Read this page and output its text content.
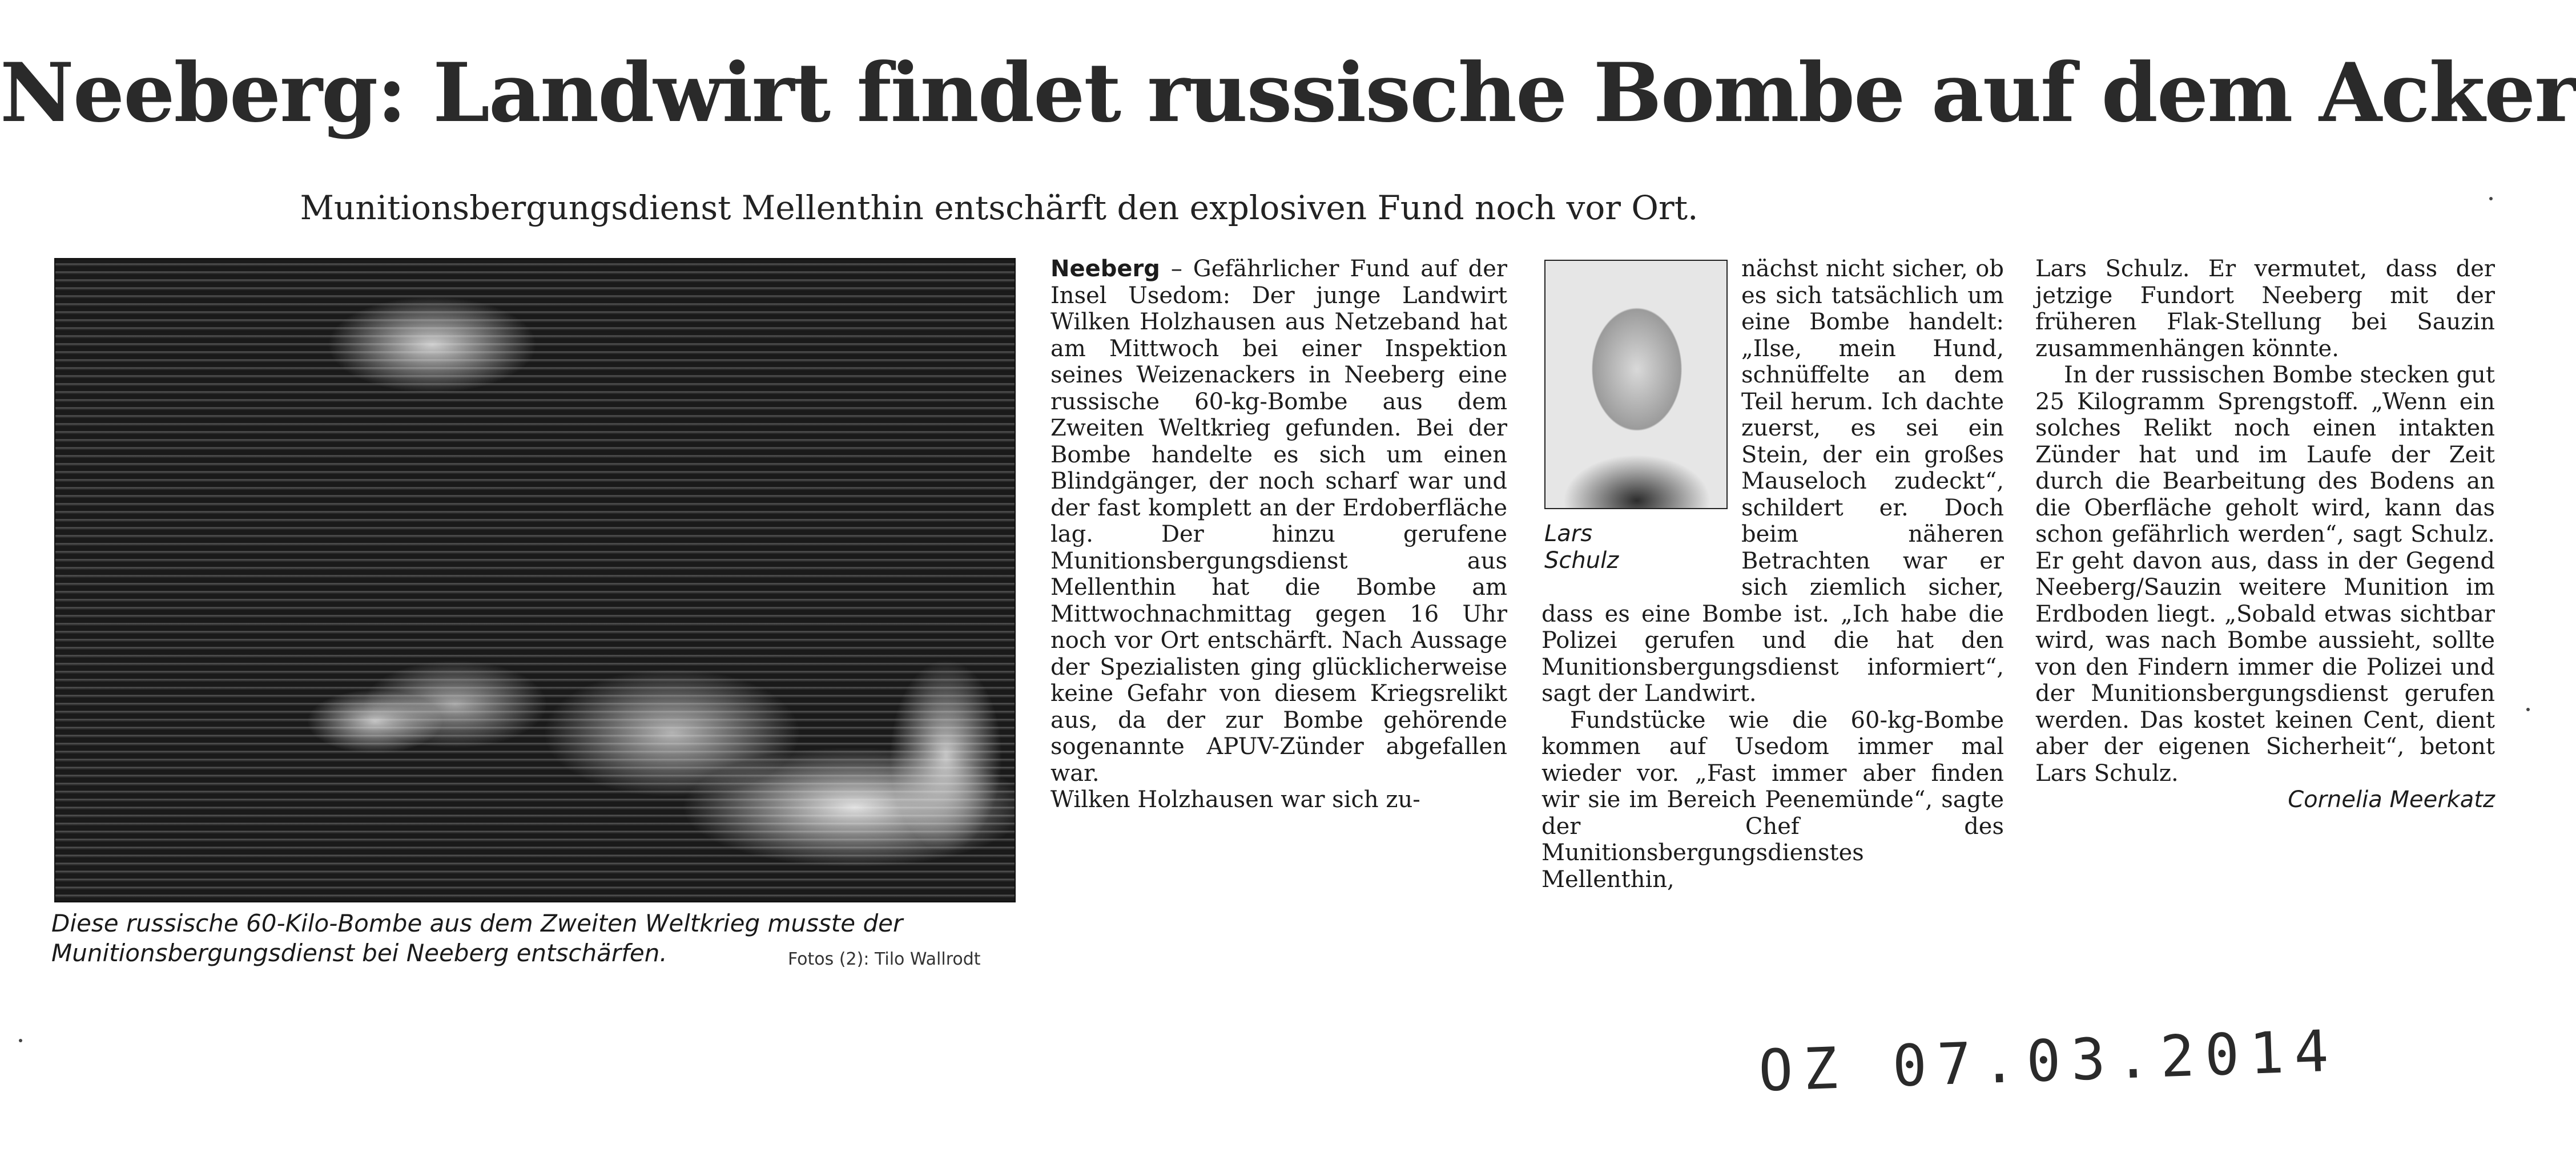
Neeberg: Landwirt findet russische Bombe auf dem Acker
Munitionsbergungsdienst Mellenthin entschärft den explosiven Fund noch vor Ort.
Diese russische 60-Kilo-Bombe aus dem Zweiten Weltkrieg musste der Munitionsbergungsdienst bei Neeberg entschärfen.	Fotos (2): Tilo Wallrodt

Neeberg – Gefährlicher Fund auf der Insel Usedom: Der junge Landwirt Wilken Holzhausen aus Netzeband hat am Mittwoch bei einer Inspektion seines Weizenackers in Neeberg eine russische 60-kg-Bombe aus dem Zweiten Weltkrieg gefunden. Bei der Bombe handelte es sich um einen Blindgänger, der noch scharf war und der fast komplett an der Erdoberfläche lag. Der hinzu gerufene Munitionsbergungsdienst aus Mellenthin hat die Bombe am Mittwochnachmittag gegen 16 Uhr noch vor Ort entschärft. Nach Aussage der Spezialisten ging glücklicherweise keine Gefahr von diesem Kriegsrelikt aus, da der zur Bombe gehörende sogenannte APUV-Zünder abgefallen war.

Wilken Holzhausen war sich zu-

Lars Schulz

nächst nicht sicher, ob es sich tatsächlich um eine Bombe handelt: „Ilse, mein Hund, schnüffelte an dem Teil herum. Ich dachte zuerst, es sei ein Stein, der ein großes Mauseloch zudeckt“, schildert er. Doch beim näheren Betrachten war er sich ziemlich sicher, dass es eine Bombe ist. „Ich habe die Polizei gerufen und die hat den Munitionsbergungsdienst informiert“, sagt der Landwirt.

Fundstücke wie die 60-kg-Bombe kommen auf Usedom immer mal wieder vor. „Fast immer aber finden wir sie im Bereich Peenemünde“, sagte der Chef des Munitionsbergungsdienstes Mellenthin,

Lars Schulz. Er vermutet, dass der jetzige Fundort Neeberg mit der früheren Flak-Stellung bei Sauzin zusammenhängen könnte.

In der russischen Bombe stecken gut 25 Kilogramm Sprengstoff. „Wenn ein solches Relikt noch einen intakten Zünder hat und im Laufe der Zeit durch die Bearbeitung des Bodens an die Oberfläche geholt wird, kann das schon gefährlich werden“, sagt Schulz. Er geht davon aus, dass in der Gegend Neeberg/Sauzin weitere Munition im Erdboden liegt. „Sobald etwas sichtbar wird, was nach Bombe aussieht, sollte von den Findern immer die Polizei und der Munitionsbergungsdienst gerufen werden. Das kostet keinen Cent, dient aber der eigenen Sicherheit“, betont Lars Schulz.

Cornelia Meerkatz

OZ 07.03.2014
